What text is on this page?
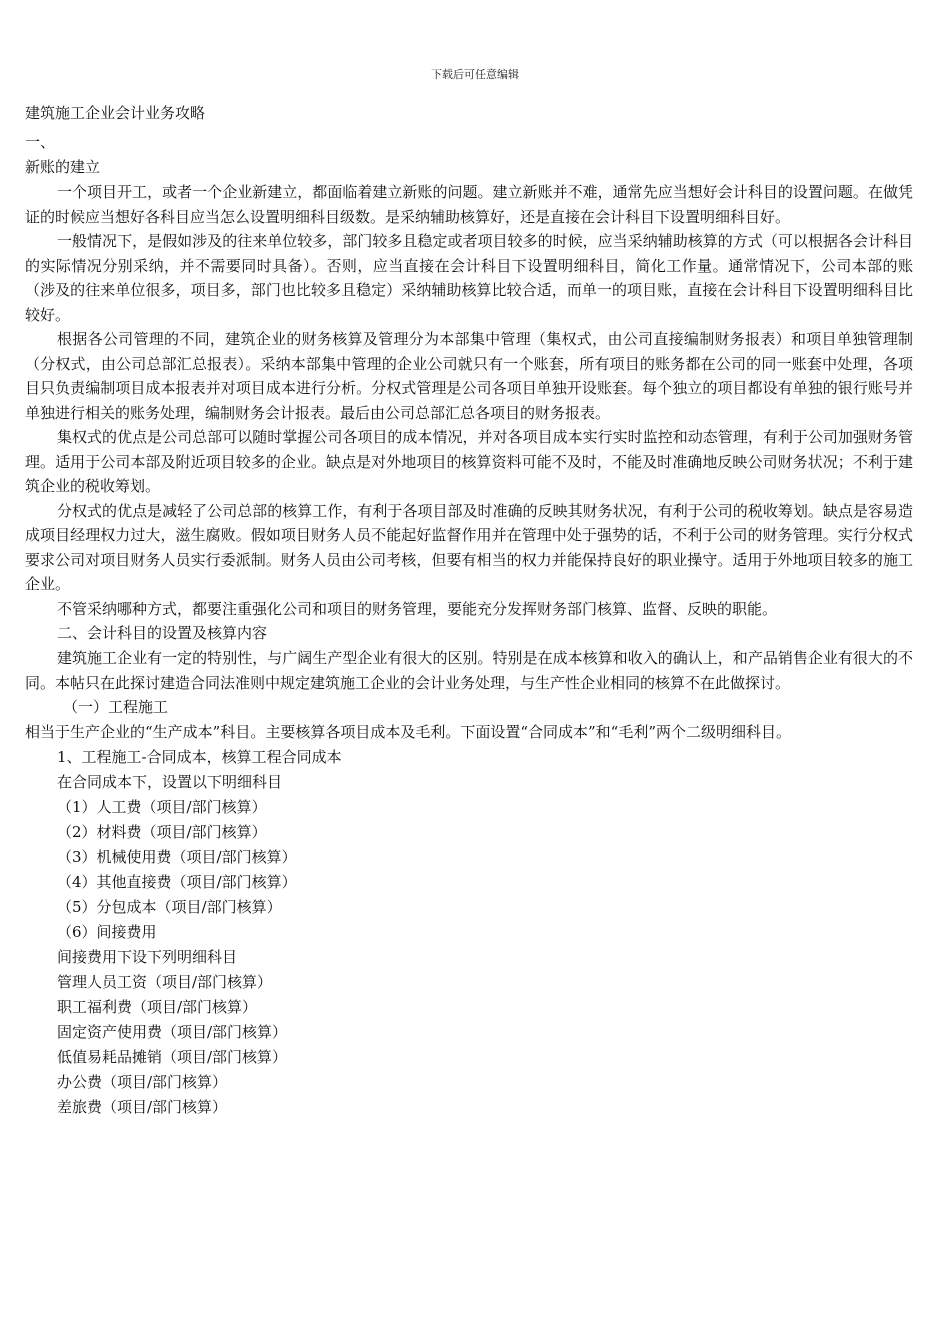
下载后可任意编辑
建筑施工企业会计业务攻略
一、
新账的建立
一个项目开工，或者一个企业新建立，都面临着建立新账的问题。建立新账并不难，通常先应当想好会计科目的设置问题。在做凭证的时候应当想好各科目应当怎么设置明细科目级数。是采纳辅助核算好，还是直接在会计科目下设置明细科目好。
一般情况下，是假如涉及的往来单位较多，部门较多且稳定或者项目较多的时候，应当采纳辅助核算的方式（可以根据各会计科目的实际情况分别采纳，并不需要同时具备）。否则，应当直接在会计科目下设置明细科目，简化工作量。通常情况下，公司本部的账（涉及的往来单位很多，项目多，部门也比较多且稳定）采纳辅助核算比较合适，而单一的项目账，直接在会计科目下设置明细科目比较好。
根据各公司管理的不同，建筑企业的财务核算及管理分为本部集中管理（集权式，由公司直接编制财务报表）和项目单独管理制（分权式，由公司总部汇总报表）。采纳本部集中管理的企业公司就只有一个账套，所有项目的账务都在公司的同一账套中处理，各项目只负责编制项目成本报表并对项目成本进行分析。分权式管理是公司各项目单独开设账套。每个独立的项目都设有单独的银行账号并单独进行相关的账务处理，编制财务会计报表。最后由公司总部汇总各项目的财务报表。
集权式的优点是公司总部可以随时掌握公司各项目的成本情况，并对各项目成本实行实时监控和动态管理，有利于公司加强财务管理。适用于公司本部及附近项目较多的企业。缺点是对外地项目的核算资料可能不及时，不能及时准确地反映公司财务状况；不利于建筑企业的税收筹划。
分权式的优点是减轻了公司总部的核算工作，有利于各项目部及时准确的反映其财务状况，有利于公司的税收筹划。缺点是容易造成项目经理权力过大，滋生腐败。假如项目财务人员不能起好监督作用并在管理中处于强势的话，不利于公司的财务管理。实行分权式要求公司对项目财务人员实行委派制。财务人员由公司考核，但要有相当的权力并能保持良好的职业操守。适用于外地项目较多的施工企业。
不管采纳哪种方式，都要注重强化公司和项目的财务管理，要能充分发挥财务部门核算、监督、反映的职能。
二、会计科目的设置及核算内容
建筑施工企业有一定的特别性，与广阔生产型企业有很大的区别。特别是在成本核算和收入的确认上，和产品销售企业有很大的不同。本帖只在此探讨建造合同法准则中规定建筑施工企业的会计业务处理，与生产性企业相同的核算不在此做探讨。
（一）工程施工
相当于生产企业的“生产成本”科目。主要核算各项目成本及毛利。下面设置“合同成本”和“毛利”两个二级明细科目。
1、工程施工-合同成本，核算工程合同成本
在合同成本下，设置以下明细科目
（1）人工费（项目/部门核算）
（2）材料费（项目/部门核算）
（3）机械使用费（项目/部门核算）
（4）其他直接费（项目/部门核算）
（5）分包成本（项目/部门核算）
（6）间接费用
间接费用下设下列明细科目
管理人员工资（项目/部门核算）
职工福利费（项目/部门核算）
固定资产使用费（项目/部门核算）
低值易耗品摊销（项目/部门核算）
办公费（项目/部门核算）
差旅费（项目/部门核算）
